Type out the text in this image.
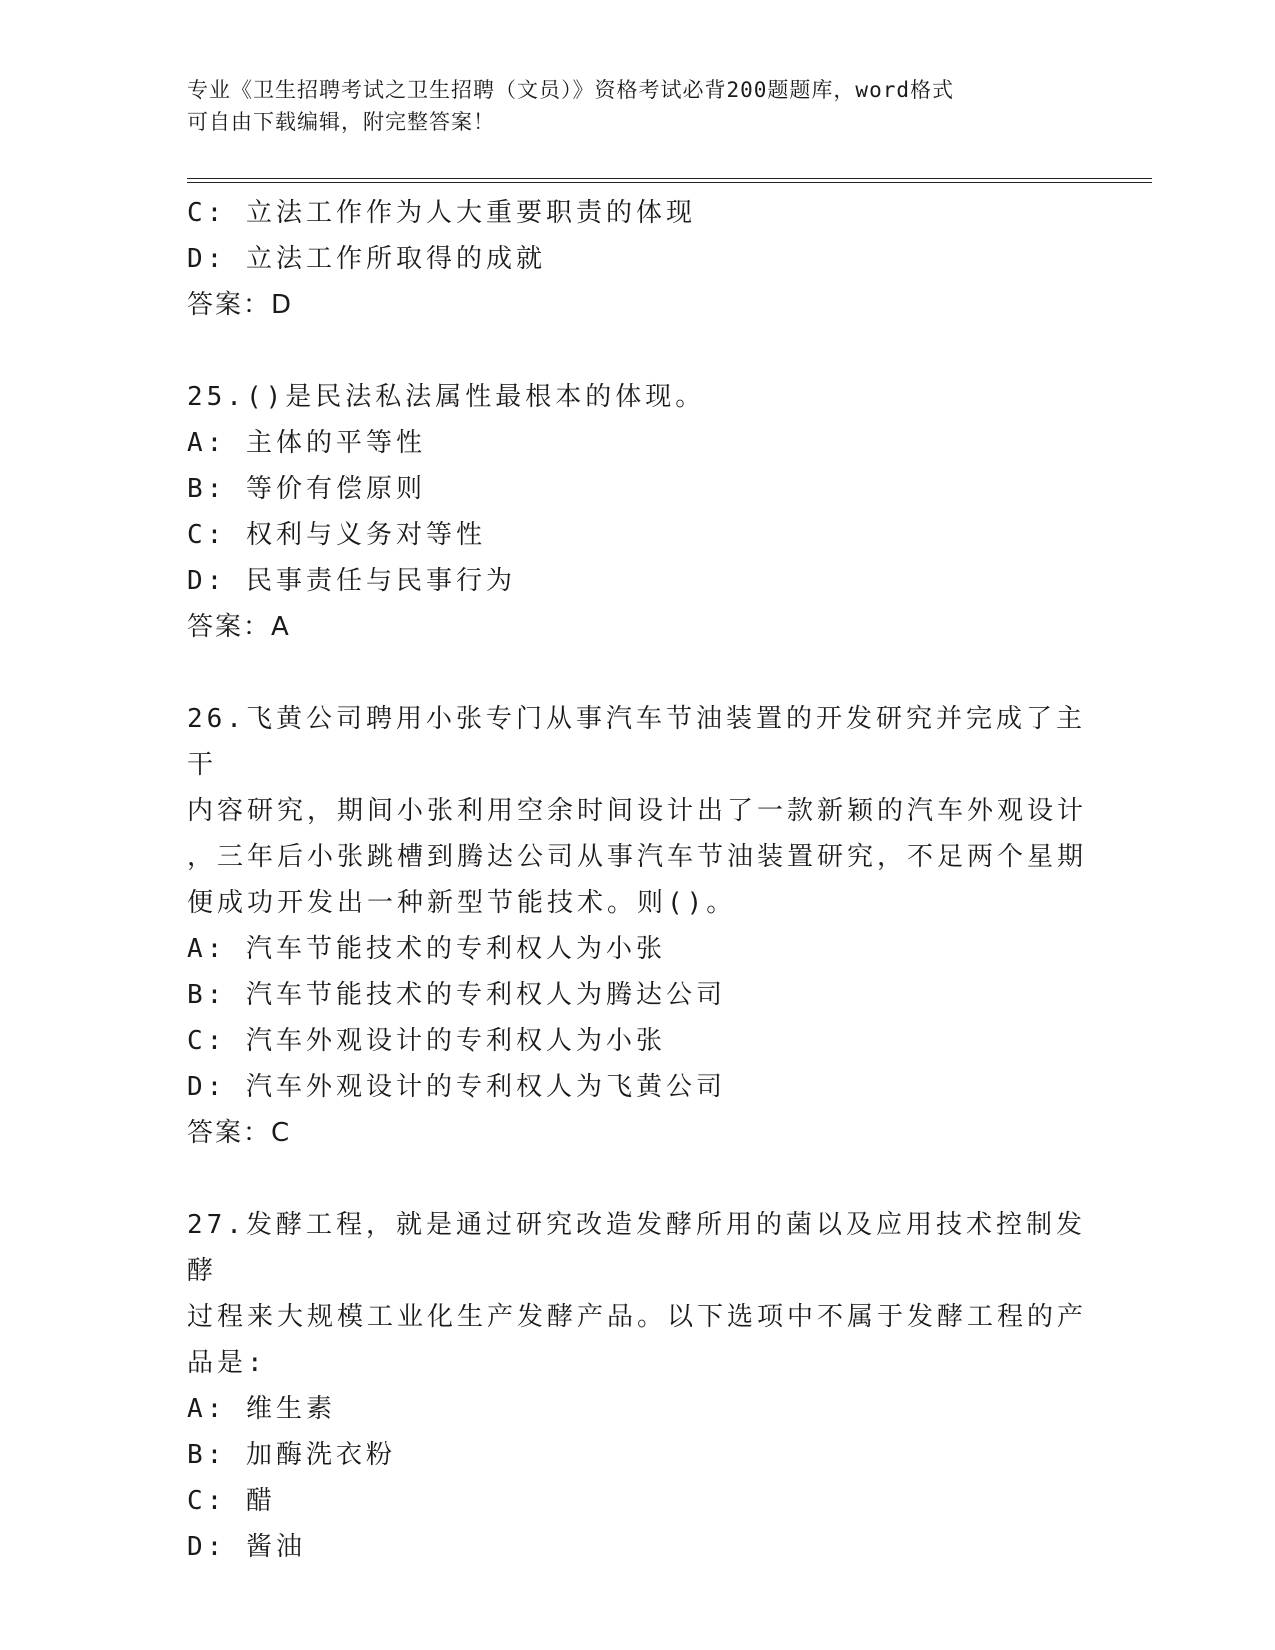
专业《卫生招聘考试之卫生招聘（文员）》资格考试必背200题题库，word格式
可自由下载编辑，附完整答案！
C: 立法工作作为人大重要职责的体现
D: 立法工作所取得的成就
答案：D
25.()是民法私法属性最根本的体现。
A: 主体的平等性
B: 等价有偿原则
C: 权利与义务对等性
D: 民事责任与民事行为
答案：A
26.飞黄公司聘用小张专门从事汽车节油装置的开发研究并完成了主干
内容研究，期间小张利用空余时间设计出了一款新颖的汽车外观设计
，三年后小张跳槽到腾达公司从事汽车节油装置研究，不足两个星期
便成功开发出一种新型节能技术。则()。
A: 汽车节能技术的专利权人为小张
B: 汽车节能技术的专利权人为腾达公司
C: 汽车外观设计的专利权人为小张
D: 汽车外观设计的专利权人为飞黄公司
答案：C
27.发酵工程，就是通过研究改造发酵所用的菌以及应用技术控制发酵
过程来大规模工业化生产发酵产品。以下选项中不属于发酵工程的产
品是:
A: 维生素
B: 加酶洗衣粉
C: 醋
D: 酱油
